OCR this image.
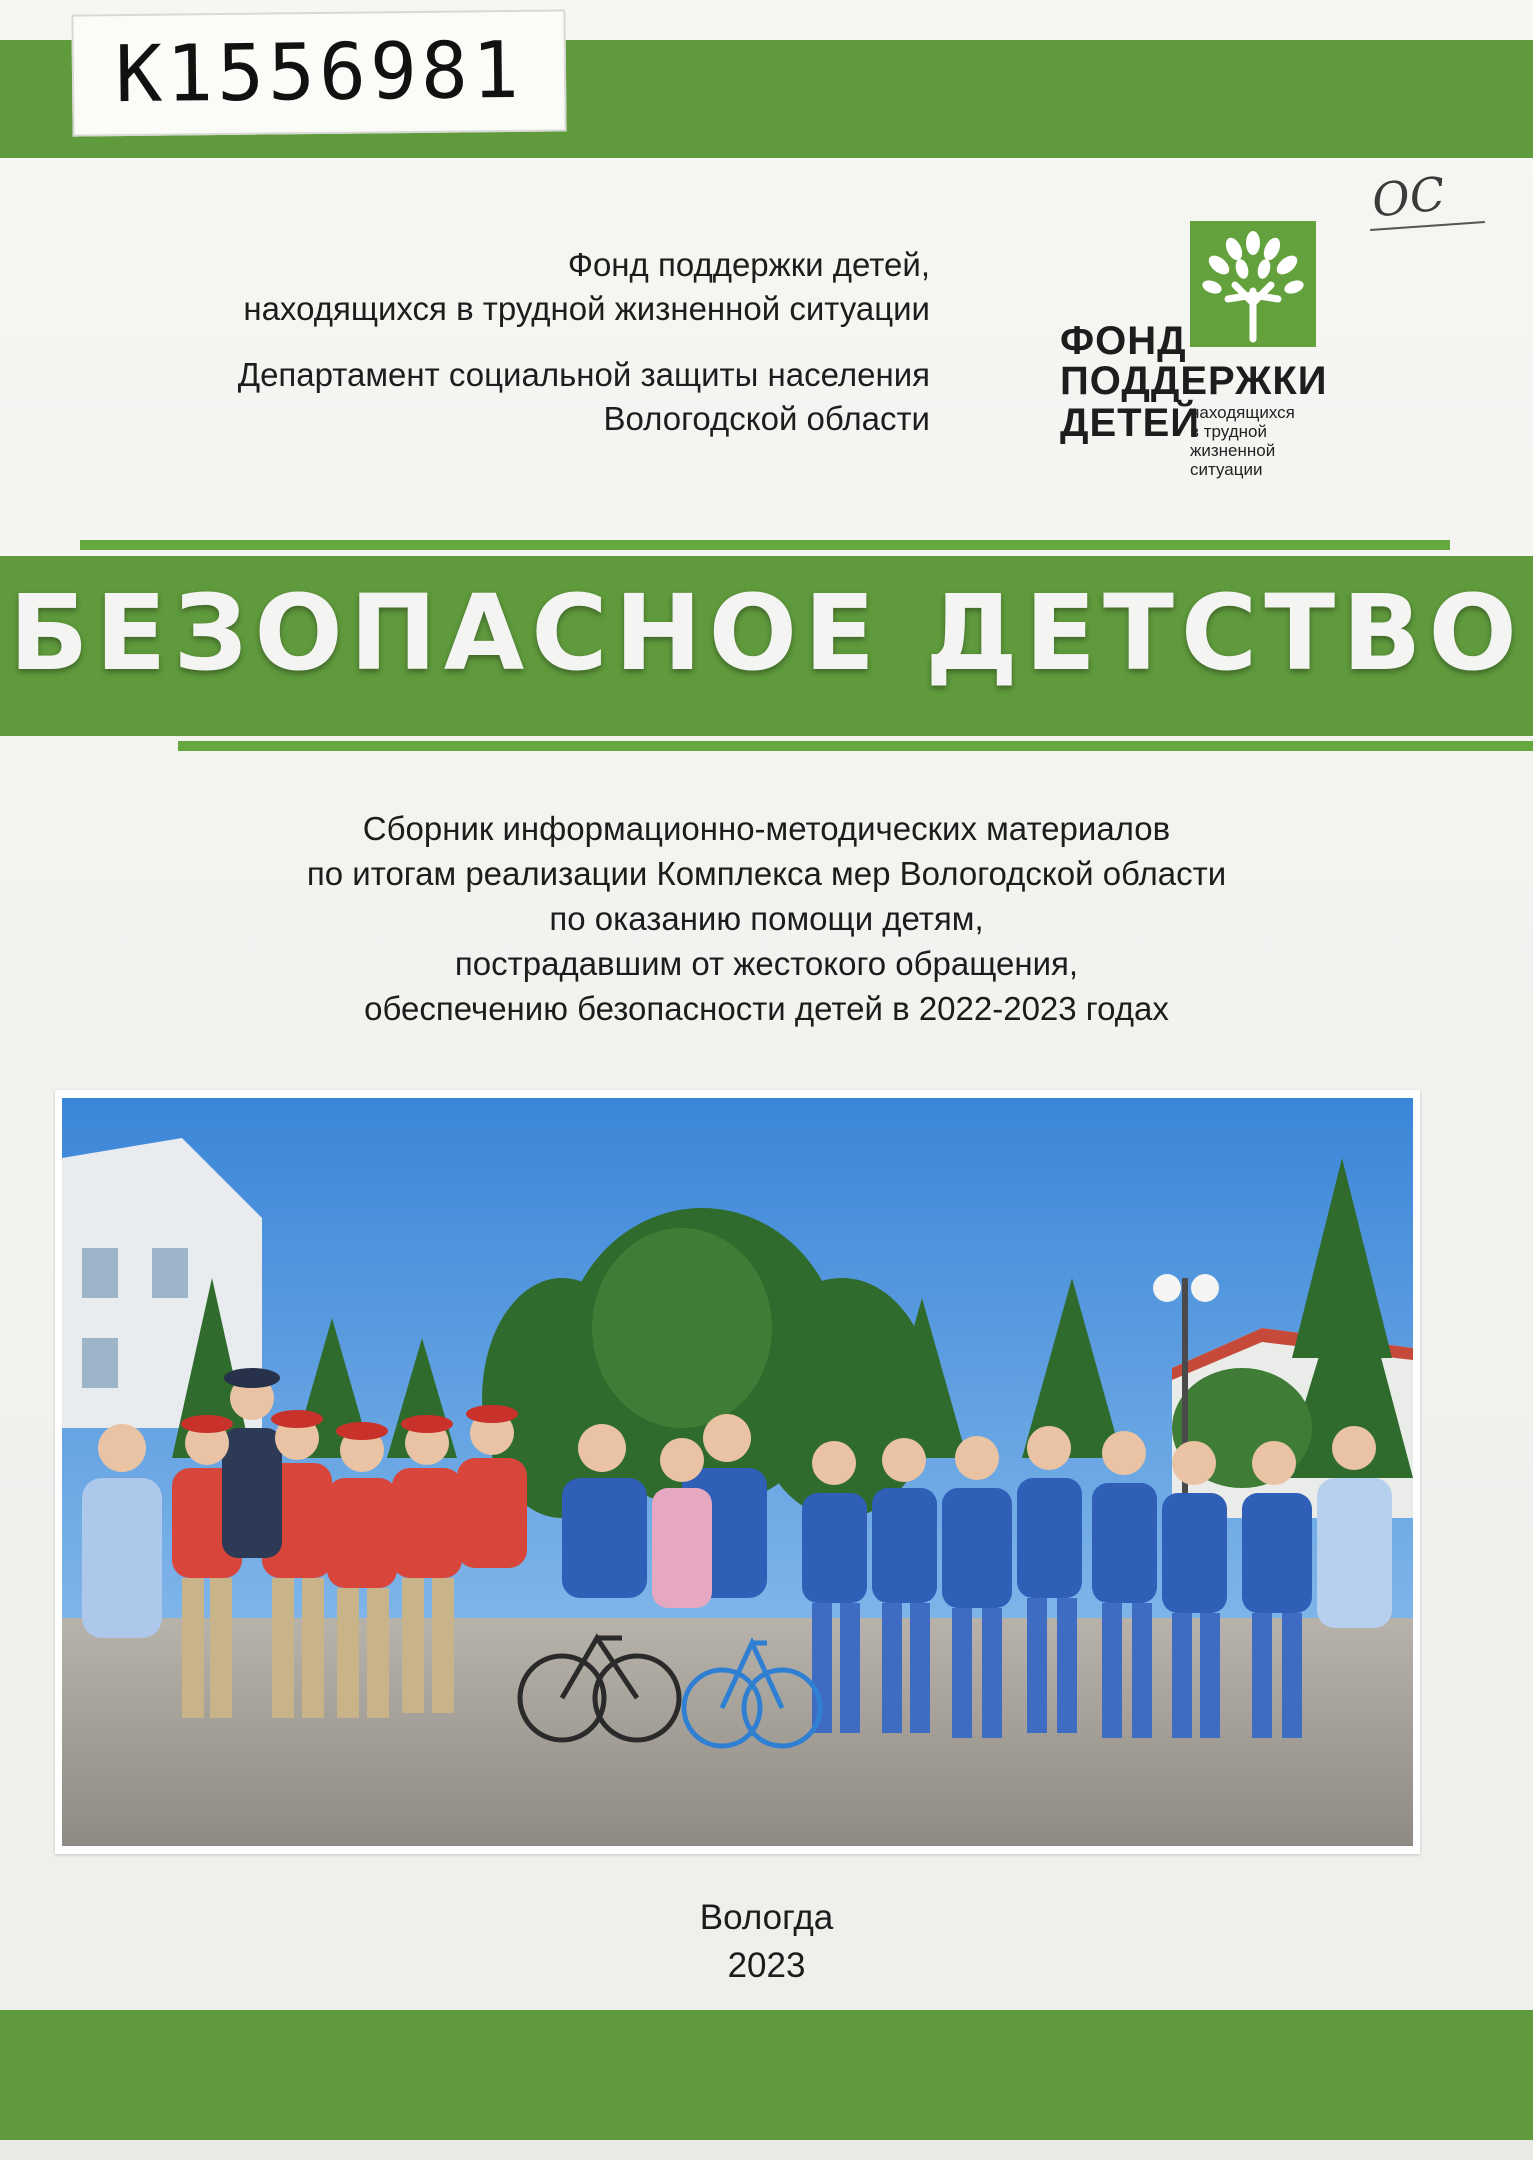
K1556981
ОС
Фонд поддержки детей,
находящихся в трудной жизненной ситуации
Департамент социальной защиты населения
Вологодской области
ФОНД
ПОДДЕРЖКИ
ДЕТЕЙ
находящихся
в трудной
жизненной
ситуации
БЕЗОПАСНОЕ ДЕТСТВО
Сборник информационно-методических материалов
по итогам реализации Комплекса мер Вологодской области
по оказанию помощи детям,
пострадавшим от жестокого обращения,
обеспечению безопасности детей в 2022-2023 годах
Вологда
2023
